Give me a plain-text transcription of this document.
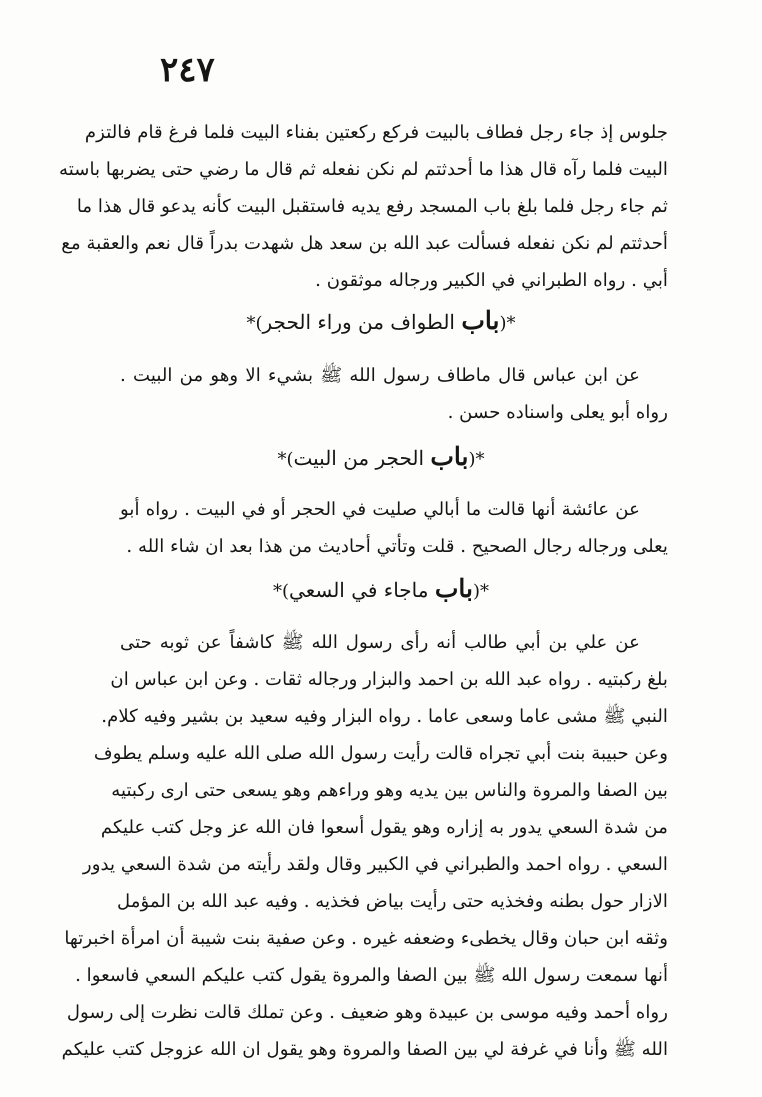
٢٤٧
جلوس إذ جاء رجل فطاف بالبيت فركع ركعتين بفناء البيت فلما فرغ قام فالتزم
البيت فلما رآه قال هذا ما أحدثتم لم نكن نفعله ثم قال ما رضي حتى يضربها باسته
ثم جاء رجل فلما بلغ باب المسجد رفع يديه فاستقبل البيت كأنه يدعو قال هذا ما
أحدثتم لم نكن نفعله فسألت عبد الله بن سعد هل شهدت بدراً قال نعم والعقبة مع
أبي . رواه الطبراني في الكبير ورجاله موثقون .
*(باب الطواف من وراء الحجر)*
عن ابن عباس قال ماطاف رسول الله ﷺ بشيء الا وهو من البيت .
رواه أبو يعلى واسناده حسن .
*(باب الحجر من البيت)*
عن عائشة أنها قالت ما أبالي صليت في الحجر أو في البيت . رواه أبو
يعلى ورجاله رجال الصحيح . قلت وتأتي أحاديث من هذا بعد ان شاء الله .
*(باب ماجاء في السعي)*
عن علي بن أبي طالب أنه رأى رسول الله ﷺ كاشفاً عن ثوبه حتى
بلغ ركبتيه . رواه عبد الله بن احمد والبزار ورجاله ثقات . وعن ابن عباس ان
النبي ﷺ مشى عاما وسعى عاما . رواه البزار وفيه سعيد بن بشير وفيه كلام.
وعن حبيبة بنت أبي تجراه قالت رأيت رسول الله صلى الله عليه وسلم يطوف
بين الصفا والمروة والناس بين يديه وهو وراءهم وهو يسعى حتى ارى ركبتيه
من شدة السعي يدور به إزاره وهو يقول أسعوا فان الله عز وجل كتب عليكم
السعي . رواه احمد والطبراني في الكبير وقال ولقد رأيته من شدة السعي يدور
الازار حول بطنه وفخذيه حتى رأيت بياض فخذيه . وفيه عبد الله بن المؤمل
وثقه ابن حبان وقال يخطىء وضعفه غيره . وعن صفية بنت شيبة أن امرأة اخبرتها
أنها سمعت رسول الله ﷺ بين الصفا والمروة يقول كتب عليكم السعي فاسعوا .
رواه أحمد وفيه موسى بن عبيدة وهو ضعيف . وعن تملك قالت نظرت إلى رسول
الله ﷺ وأنا في غرفة لي بين الصفا والمروة وهو يقول ان الله عزوجل كتب عليكم
